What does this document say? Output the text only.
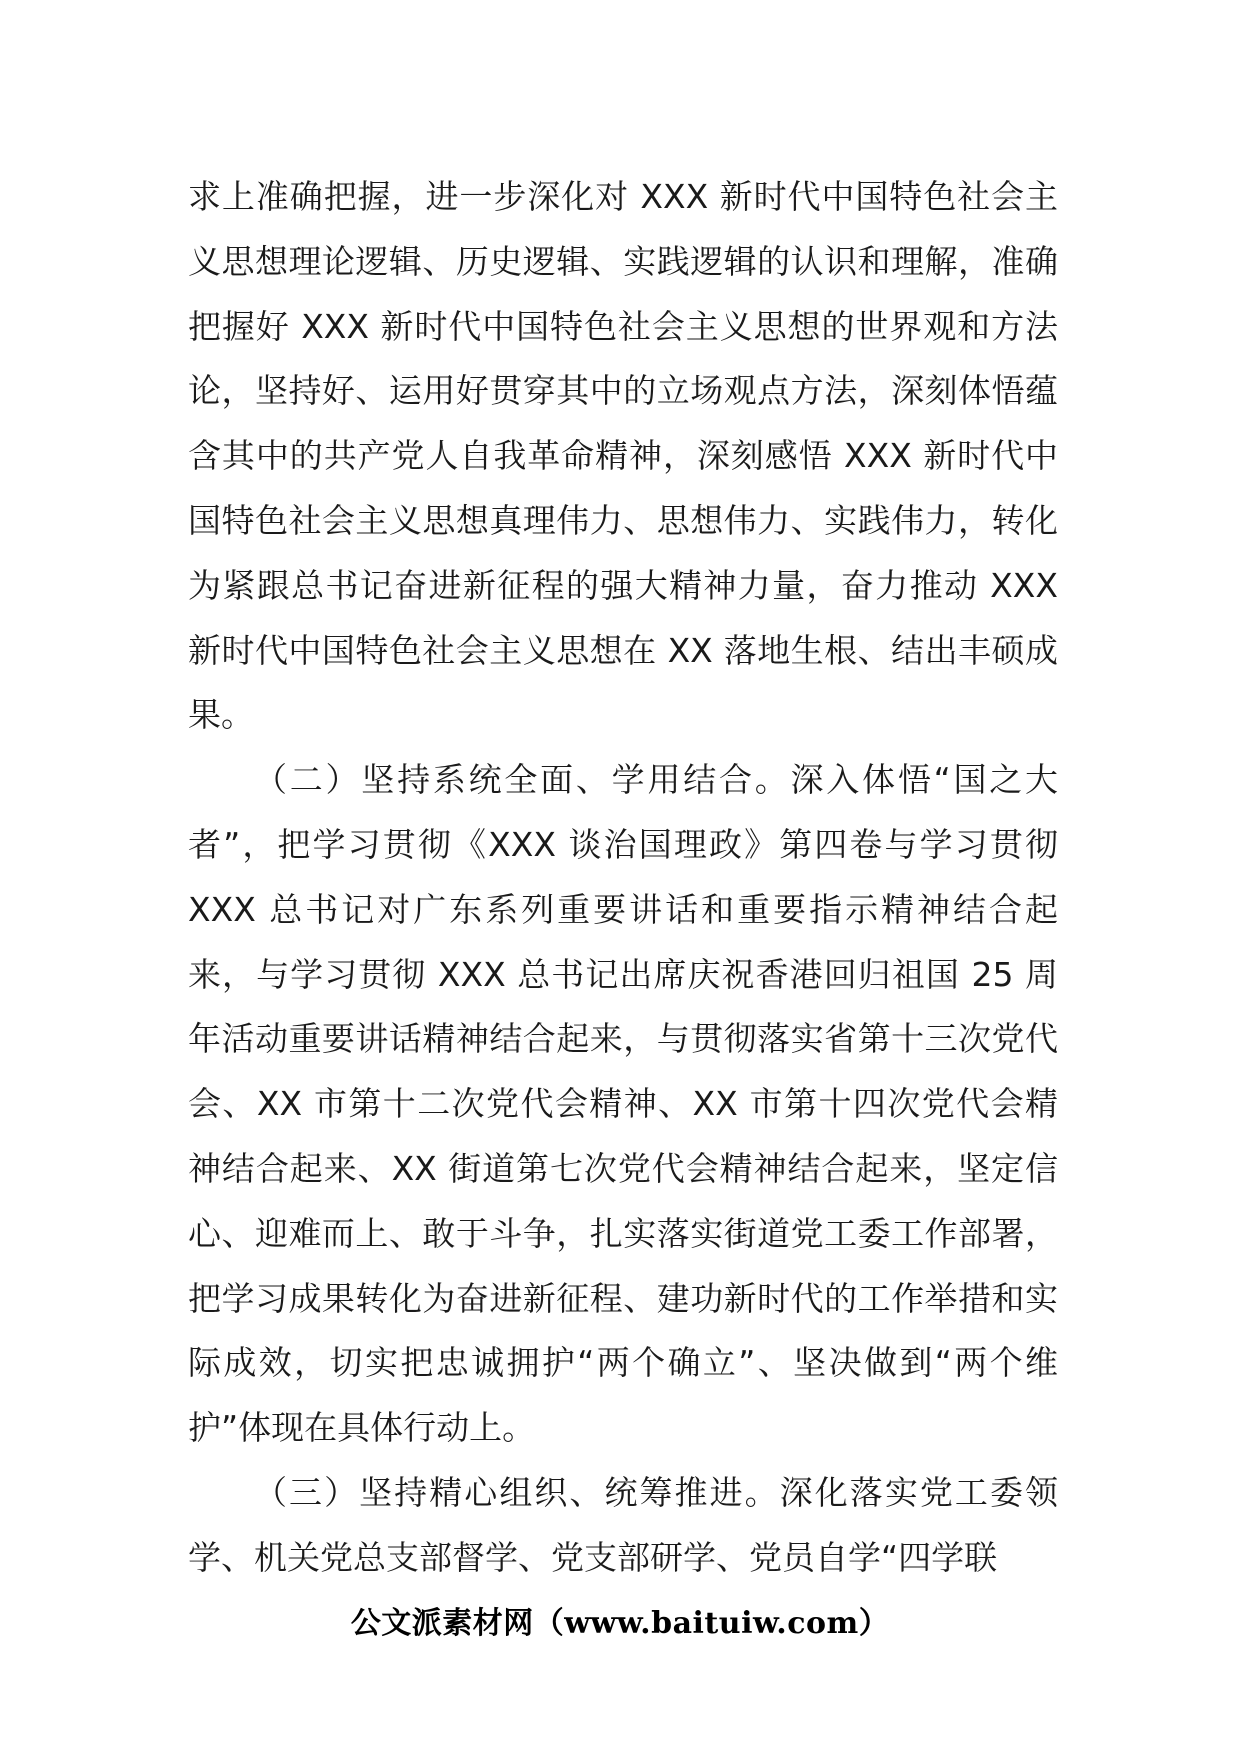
求上准确把握，进一步深化对 XXX 新时代中国特色社会主义思想理论逻辑、历史逻辑、实践逻辑的认识和理解，准确把握好 XXX 新时代中国特色社会主义思想的世界观和方法论，坚持好、运用好贯穿其中的立场观点方法，深刻体悟蕴含其中的共产党人自我革命精神，深刻感悟 XXX 新时代中国特色社会主义思想真理伟力、思想伟力、实践伟力，转化为紧跟总书记奋进新征程的强大精神力量，奋力推动 XXX 新时代中国特色社会主义思想在 XX 落地生根、结出丰硕成果。

（二）坚持系统全面、学用结合。深入体悟“国之大者”，把学习贯彻《XXX 谈治国理政》第四卷与学习贯彻 XXX 总书记对广东系列重要讲话和重要指示精神结合起来，与学习贯彻 XXX 总书记出席庆祝香港回归祖国 25 周年活动重要讲话精神结合起来，与贯彻落实省第十三次党代会、XX 市第十二次党代会精神、XX 市第十四次党代会精神结合起来、XX 街道第七次党代会精神结合起来，坚定信心、迎难而上、敢于斗争，扎实落实街道党工委工作部署，把学习成果转化为奋进新征程、建功新时代的工作举措和实际成效，切实把忠诚拥护“两个确立”、坚决做到“两个维护”体现在具体行动上。

（三）坚持精心组织、统筹推进。深化落实党工委领学、机关党总支部督学、党支部研学、党员自学“四学联

公文派素材网（www.baituiw.com）
